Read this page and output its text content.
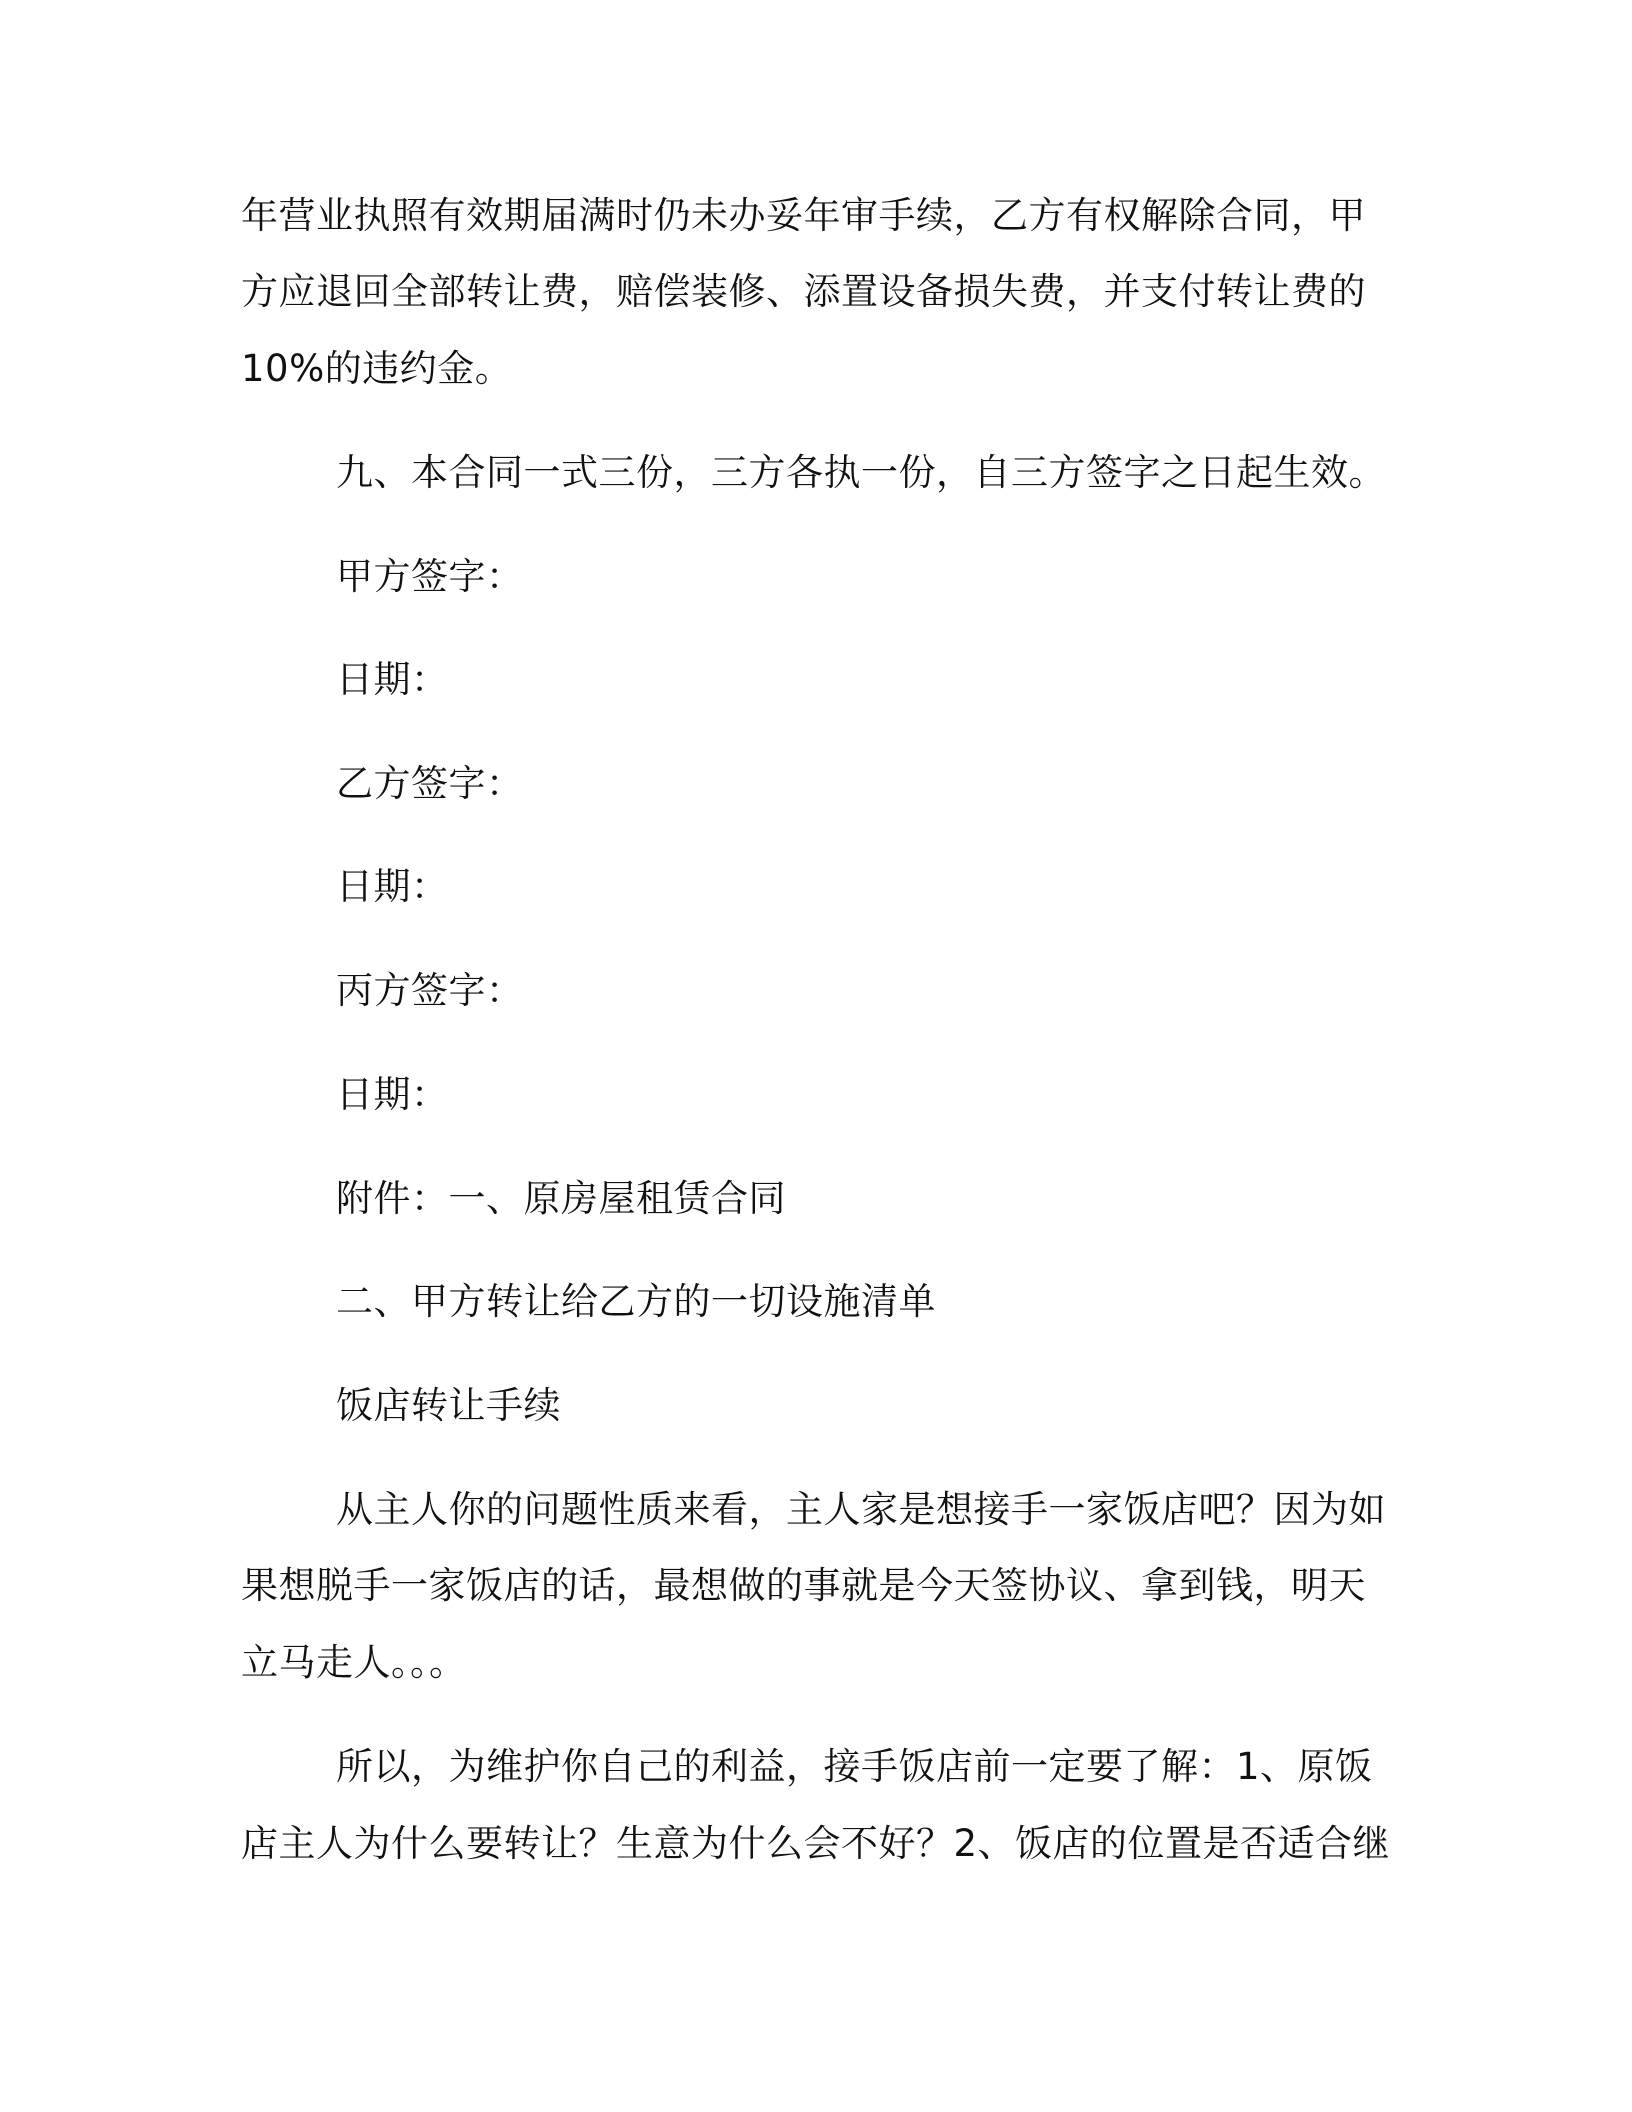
年营业执照有效期届满时仍未办妥年审手续，乙方有权解除合同，甲
方应退回全部转让费，赔偿装修、添置设备损失费，并支付转让费的
10%的违约金。
九、本合同一式三份，三方各执一份，自三方签字之日起生效。
甲方签字：
日期：
乙方签字：
日期：
丙方签字：
日期：
附件：一、原房屋租赁合同
二、甲方转让给乙方的一切设施清单
饭店转让手续
从主人你的问题性质来看，主人家是想接手一家饭店吧？因为如
果想脱手一家饭店的话，最想做的事就是今天签协议、拿到钱，明天
立马走人。。。
所以，为维护你自己的利益，接手饭店前一定要了解：1、原饭
店主人为什么要转让？生意为什么会不好？2、饭店的位置是否适合继
